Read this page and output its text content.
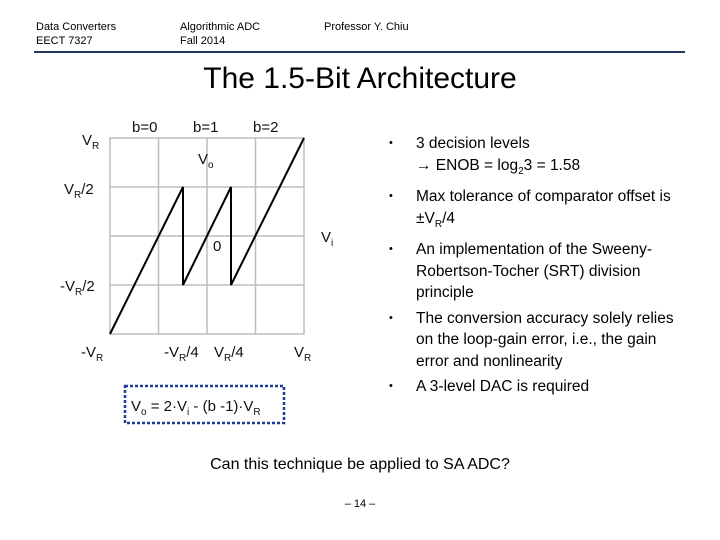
Data Converters
EECT 7327
Algorithmic ADC
Fall 2014
Professor Y. Chiu
The 1.5-Bit Architecture
b=0 b=1 b=2
$V_R$
$V_R/2$
$-V_R/2$
$V_o$
$V_i$
0
$-V_R$	$-V_R/4$ $V_R/4$	$V_R$
$V_o = 2\cdot V_i - (b$ $-1)\cdot V_R$
•	3 decision levels
→ ENOB = $\log_23 = 1.58$
•	Max tolerance of comparator offset is $\pm V_R/4$
•	An implementation of the Sweeny-Robertson-Tocher (SRT) division principle
•	The conversion accuracy solely relies on the loop-gain error, i.e., the gain error and nonlinearity
•	A 3-level DAC is required
Can this technique be applied to SA ADC?
– 14 –
